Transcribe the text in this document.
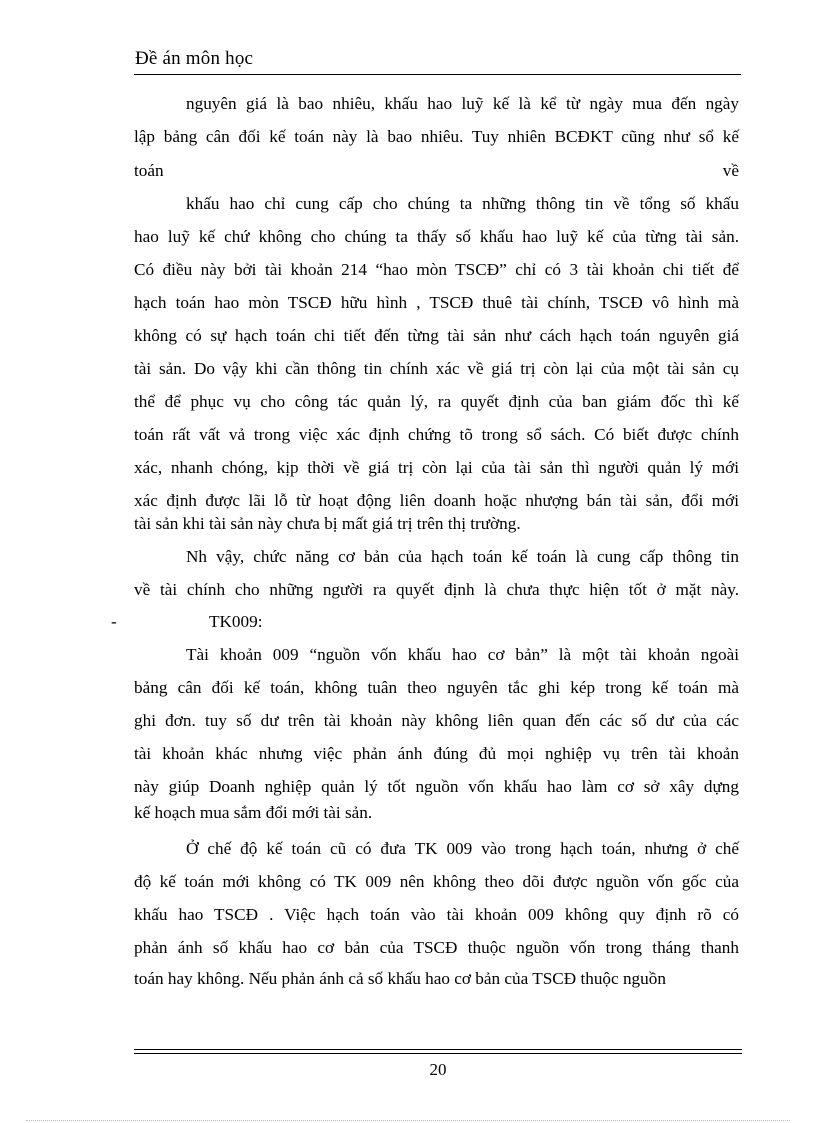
Đề án môn học
nguyên giá là bao nhiêu, khấu hao luỹ kế là kể từ ngày mua đến ngày
lập bảng cân đối kế toán này là bao nhiêu. Tuy nhiên BCĐKT cũng như sổ kế
toán	về
khấu hao chỉ cung cấp cho chúng ta những thông tin về tổng số khấu
hao luỹ kế chứ không cho chúng ta thấy số khấu hao luỹ kế của từng tài sản.
Có điều này bởi tài khoản 214 “hao mòn TSCĐ” chỉ có 3 tài khoản chi tiết để
hạch toán hao mòn TSCĐ hữu hình , TSCĐ thuê tài chính, TSCĐ vô hình mà
không có sự hạch toán chi tiết đến từng tài sản như cách hạch toán nguyên giá
tài sản. Do vậy khi cần thông tin chính xác về giá trị còn lại của một tài sản cụ
thể để phục vụ cho công tác quản lý, ra quyết định của ban giám đốc thì kế
toán rất vất vả trong việc xác định chứng tõ trong sổ sách. Có biết được chính
xác, nhanh chóng, kịp thời về giá trị còn lại của tài sản thì người quản lý mới
xác định được lãi lỗ từ hoạt động liên doanh hoặc nhượng bán tài sản, đổi mới
tài sản khi tài sản này chưa bị mất giá trị trên thị trường.
Nh vậy, chức năng cơ bản của hạch toán kế toán là cung cấp thông tin
về tài chính cho những người ra quyết định là chưa thực hiện tốt ở mặt này.
-	TK009:
Tài khoản 009 “nguồn vốn khấu hao cơ bản” là một tài khoản ngoài
bảng cân đối kế toán, không tuân theo nguyên tắc ghi kép trong kế toán mà
ghi đơn. tuy số dư trên tài khoản này không liên quan đến các số dư của các
tài khoản khác nhưng việc phản ánh đúng đủ mọi nghiệp vụ trên tài khoản
này giúp Doanh nghiệp quản lý tốt nguồn vốn khấu hao làm cơ sở xây dựng
kế hoạch mua sắm đổi mới tài sản.
Ở chế độ kế toán cũ có đưa TK 009 vào trong hạch toán, nhưng ở chế
độ kế toán mới không có TK 009 nên không theo dõi được nguồn vốn gốc của
khấu hao TSCĐ . Việc hạch toán vào tài khoản 009 không quy định rõ có
phản ánh số khấu hao cơ bản của TSCĐ thuộc nguồn vốn trong tháng thanh
toán hay không. Nếu phản ánh cả số khấu hao cơ bản của TSCĐ thuộc nguồn
20
